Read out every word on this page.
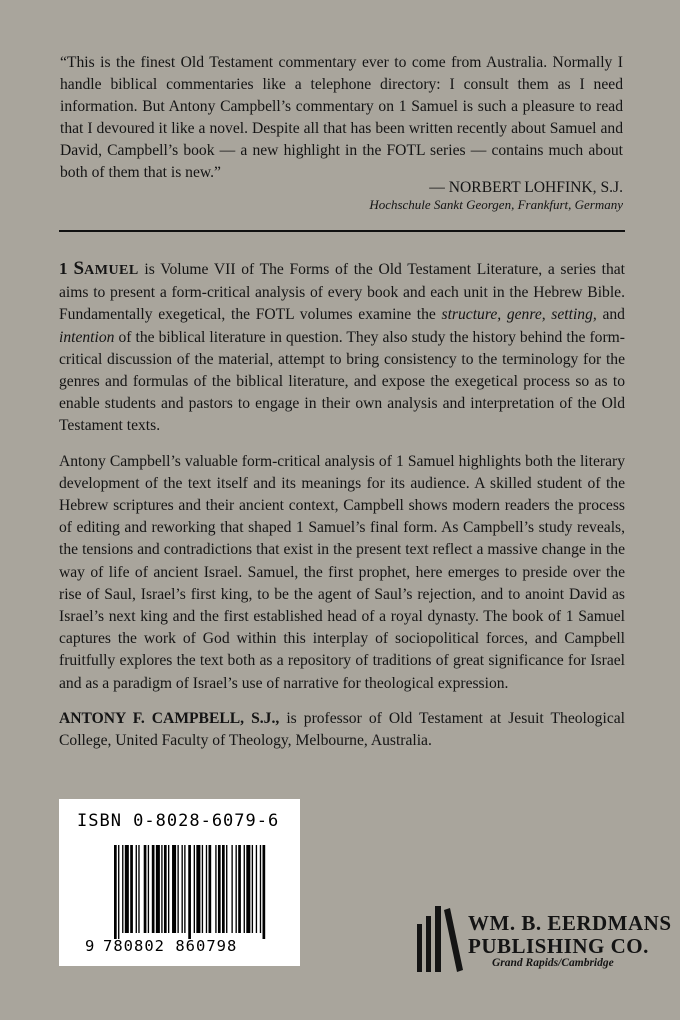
“This is the finest Old Testament commentary ever to come from Australia. Normally I handle biblical commentaries like a telephone directory: I consult them as I need information. But Antony Campbell’s commentary on 1 Samuel is such a pleasure to read that I devoured it like a novel. Despite all that has been written recently about Samuel and David, Campbell’s book — a new highlight in the FOTL series — contains much about both of them that is new.”

— NORBERT LOHFINK, S.J.
Hochschule Sankt Georgen, Frankfurt, Germany

1 SAMUEL is Volume VII of The Forms of the Old Testament Literature, a series that aims to present a form-critical analysis of every book and each unit in the Hebrew Bible. Fundamentally exegetical, the FOTL volumes examine the structure, genre, setting, and intention of the biblical literature in question. They also study the history behind the form-critical discussion of the material, attempt to bring consistency to the terminology for the genres and formulas of the biblical literature, and expose the exegetical process so as to enable students and pastors to engage in their own analysis and interpretation of the Old Testament texts.

Antony Campbell’s valuable form-critical analysis of 1 Samuel highlights both the literary development of the text itself and its meanings for its audience. A skilled student of the Hebrew scriptures and their ancient context, Campbell shows modern readers the process of editing and reworking that shaped 1 Samuel’s final form. As Campbell’s study reveals, the tensions and contradictions that exist in the present text reflect a massive change in the way of life of ancient Israel. Samuel, the first prophet, here emerges to preside over the rise of Saul, Israel’s first king, to be the agent of Saul’s rejection, and to anoint David as Israel’s next king and the first established head of a royal dynasty. The book of 1 Samuel captures the work of God within this interplay of sociopolitical forces, and Campbell fruitfully explores the text both as a repository of traditions of great significance for Israel and as a paradigm of Israel’s use of narrative for theological expression.

ANTONY F. CAMPBELL, S.J., is professor of Old Testament at Jesuit Theological College, United Faculty of Theology, Melbourne, Australia.

ISBN 0-8028-6079-6
9 780802 860798
WM. B. EERDMANS
PUBLISHING CO.
Grand Rapids/Cambridge
